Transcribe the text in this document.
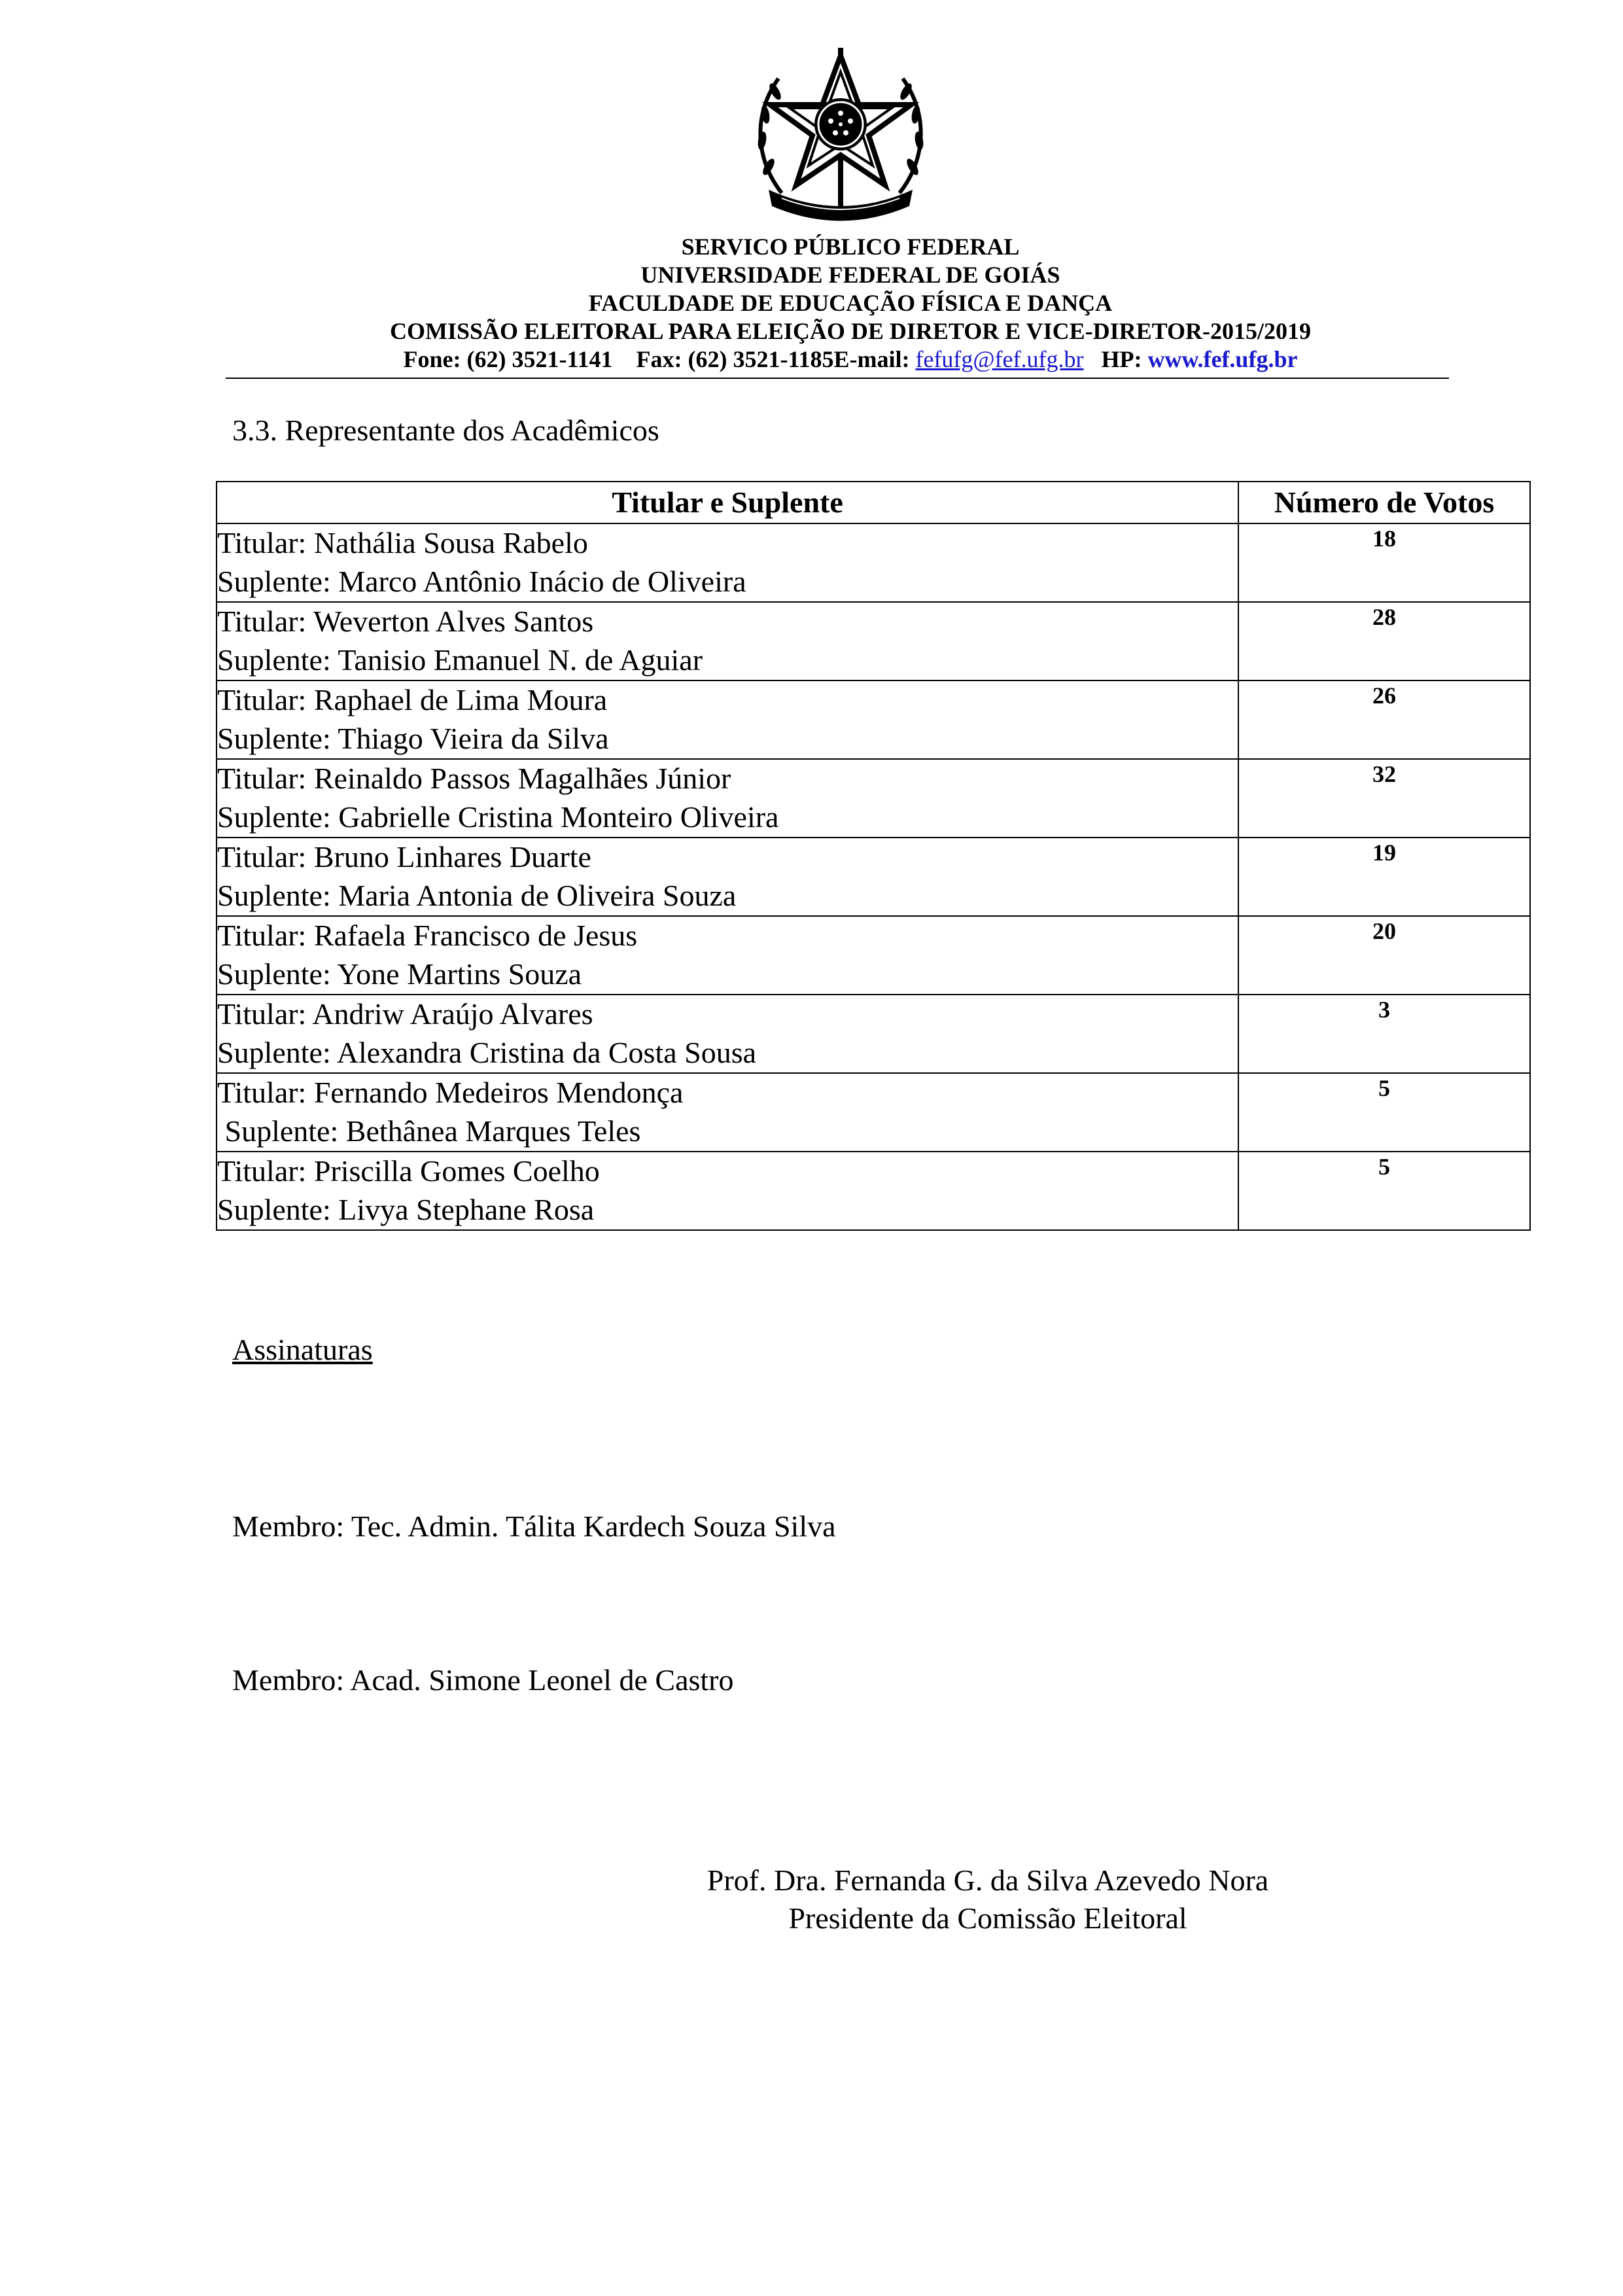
SERVICO PÚBLICO FEDERAL
UNIVERSIDADE FEDERAL DE GOIÁS
FACULDADE DE EDUCAÇÃO FÍSICA E DANÇA
COMISSÃO ELEITORAL PARA ELEIÇÃO DE DIRETOR E VICE-DIRETOR-2015/2019
Fone: (62) 3521-1141    Fax: (62) 3521-1185E-mail: fefufg@fef.ufg.br   HP: www.fef.ufg.br
3.3. Representante dos Acadêmicos
Titular e Suplente	Número de Votos

Titular: Nathália Sousa Rabelo
Suplente: Marco Antônio Inácio de Oliveira	18

Titular: Weverton Alves Santos
Suplente: Tanisio Emanuel N. de Aguiar	28

Titular: Raphael de Lima Moura
Suplente: Thiago Vieira da Silva	26

Titular: Reinaldo Passos Magalhães Júnior
Suplente: Gabrielle Cristina Monteiro Oliveira	32

Titular: Bruno Linhares Duarte
Suplente: Maria Antonia de Oliveira Souza	19

Titular: Rafaela Francisco de Jesus
Suplente: Yone Martins Souza	20

Titular: Andriw Araújo Alvares
Suplente: Alexandra Cristina da Costa Sousa	3

Titular: Fernando Medeiros Mendonça
Suplente: Bethânea Marques Teles	5

Titular: Priscilla Gomes Coelho
Suplente: Livya Stephane Rosa	5
Assinaturas
Membro: Tec. Admin. Tálita Kardech Souza Silva
Membro: Acad. Simone Leonel de Castro
Prof. Dra. Fernanda G. da Silva Azevedo Nora
Presidente da Comissão Eleitoral
